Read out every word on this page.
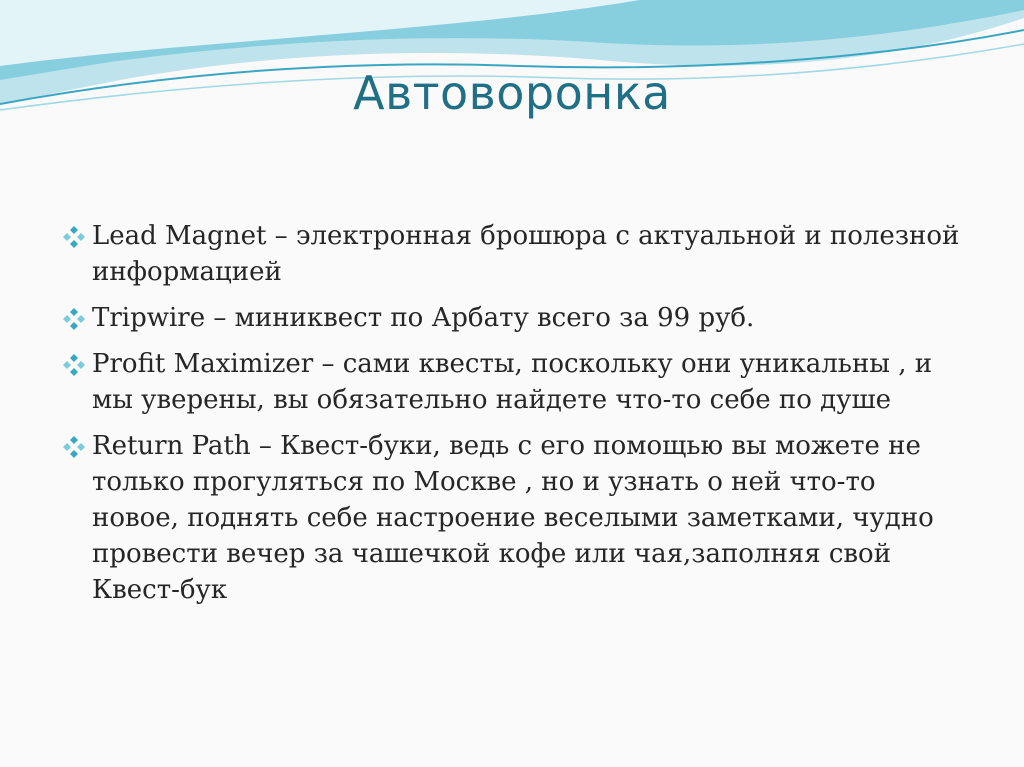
Автоворонка
Lead Magnet – электронная брошюра с актуальной и полезной информацией
Tripwire – миниквест по Арбату всего за 99 руб.
Profit Maximizer – сами квесты, поскольку они уникальны , и мы уверены, вы обязательно найдете что-то себе по душе
Return Path – Квест-буки, ведь с его помощью вы можете не только прогуляться по Москве , но и узнать о ней что-то новое, поднять себе настроение веселыми заметками, чудно провести вечер за чашечкой кофе или чая,заполняя свой Квест-бук
